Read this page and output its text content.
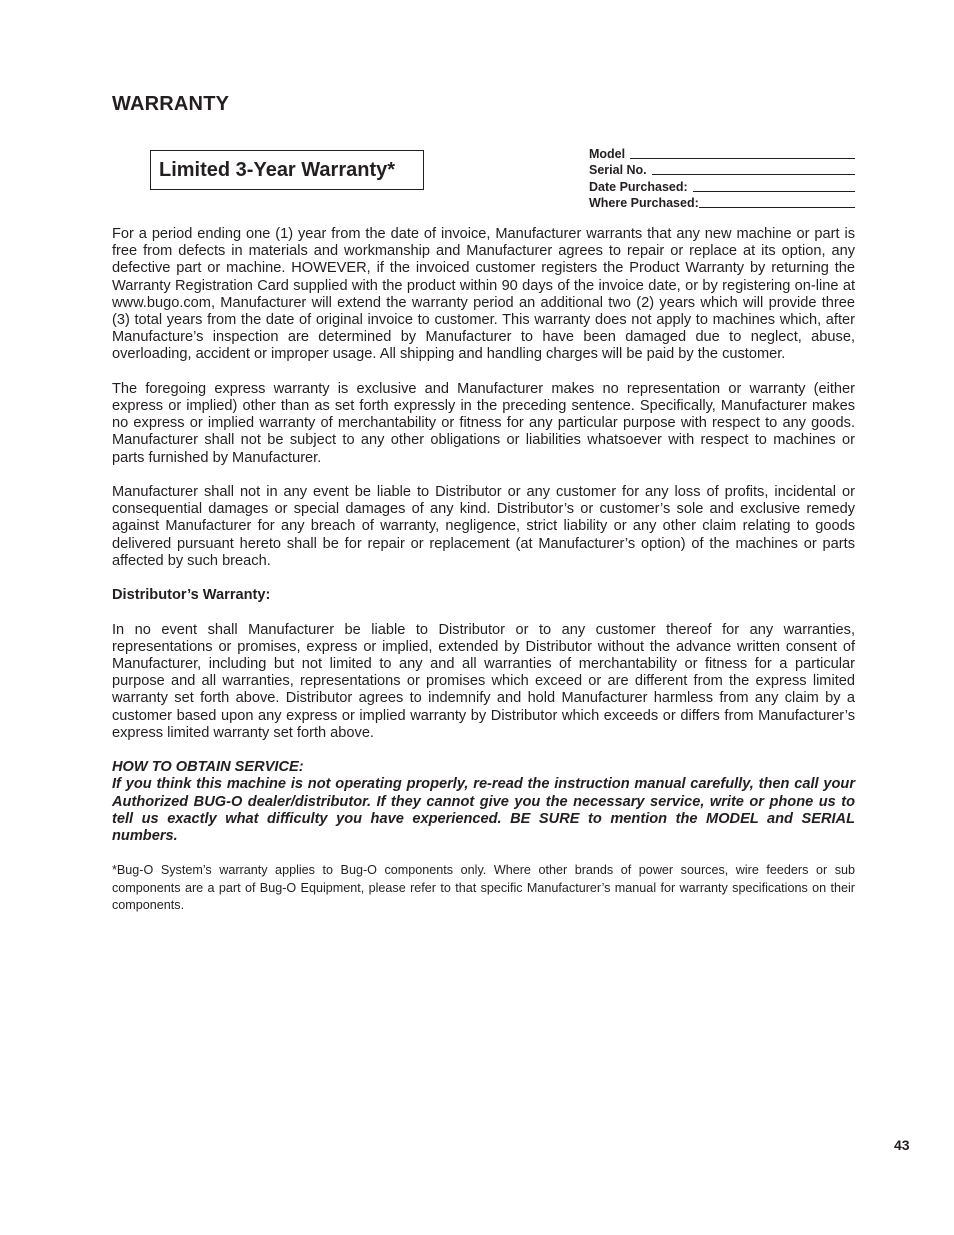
WARRANTY
Limited 3-Year Warranty*
Model
Serial No.
Date Purchased:
Where Purchased:

For a period ending one (1) year from the date of invoice, Manufacturer warrants that any new machine or part is free from defects in materials and workmanship and Manufacturer agrees to repair or replace at its option, any defective part or machine. HOWEVER, if the invoiced customer registers the Product Warranty by returning the Warranty Registration Card supplied with the product within 90 days of the invoice date, or by registering on-line at www.bugo.com, Manufacturer will extend the warranty period an additional two (2) years which will provide three (3) total years from the date of original invoice to customer. This warranty does not apply to machines which, after Manufacture’s inspection are determined by Manufacturer to have been damaged due to neglect, abuse, overloading, accident or improper usage. All shipping and handling charges will be paid by the customer.

The foregoing express warranty is exclusive and Manufacturer makes no representation or warranty (either express or implied) other than as set forth expressly in the preceding sentence. Specifically, Manufacturer makes no express or implied warranty of merchantability or fitness for any particular purpose with respect to any goods. Manufacturer shall not be subject to any other obligations or liabilities whatsoever with respect to machines or parts furnished by Manufacturer.

Manufacturer shall not in any event be liable to Distributor or any customer for any loss of profits, incidental or consequential damages or special damages of any kind. Distributor’s or customer’s sole and exclusive remedy against Manufacturer for any breach of warranty, negligence, strict liability or any other claim relating to goods delivered pursuant hereto shall be for repair or replacement (at Manufacturer’s option) of the machines or parts affected by such breach.

Distributor’s Warranty:

In no event shall Manufacturer be liable to Distributor or to any customer thereof for any warranties, representations or promises, express or implied, extended by Distributor without the advance written consent of Manufacturer, including but not limited to any and all warranties of merchantability or fitness for a particular purpose and all warranties, representations or promises which exceed or are different from the express limited warranty set forth above. Distributor agrees to indemnify and hold Manufacturer harmless from any claim by a customer based upon any express or implied warranty by Distributor which exceeds or differs from Manufacturer’s express limited warranty set forth above.

HOW TO OBTAIN SERVICE:

If you think this machine is not operating properly, re-read the instruction manual carefully, then call your Authorized BUG-O dealer/distributor. If they cannot give you the necessary service, write or phone us to tell us exactly what difficulty you have experienced. BE SURE to mention the MODEL and SERIAL numbers.

*Bug-O System’s warranty applies to Bug-O components only. Where other brands of power sources, wire feeders or sub components are a part of Bug-O Equipment, please refer to that specific Manufacturer’s manual for warranty specifications on their components.

43
